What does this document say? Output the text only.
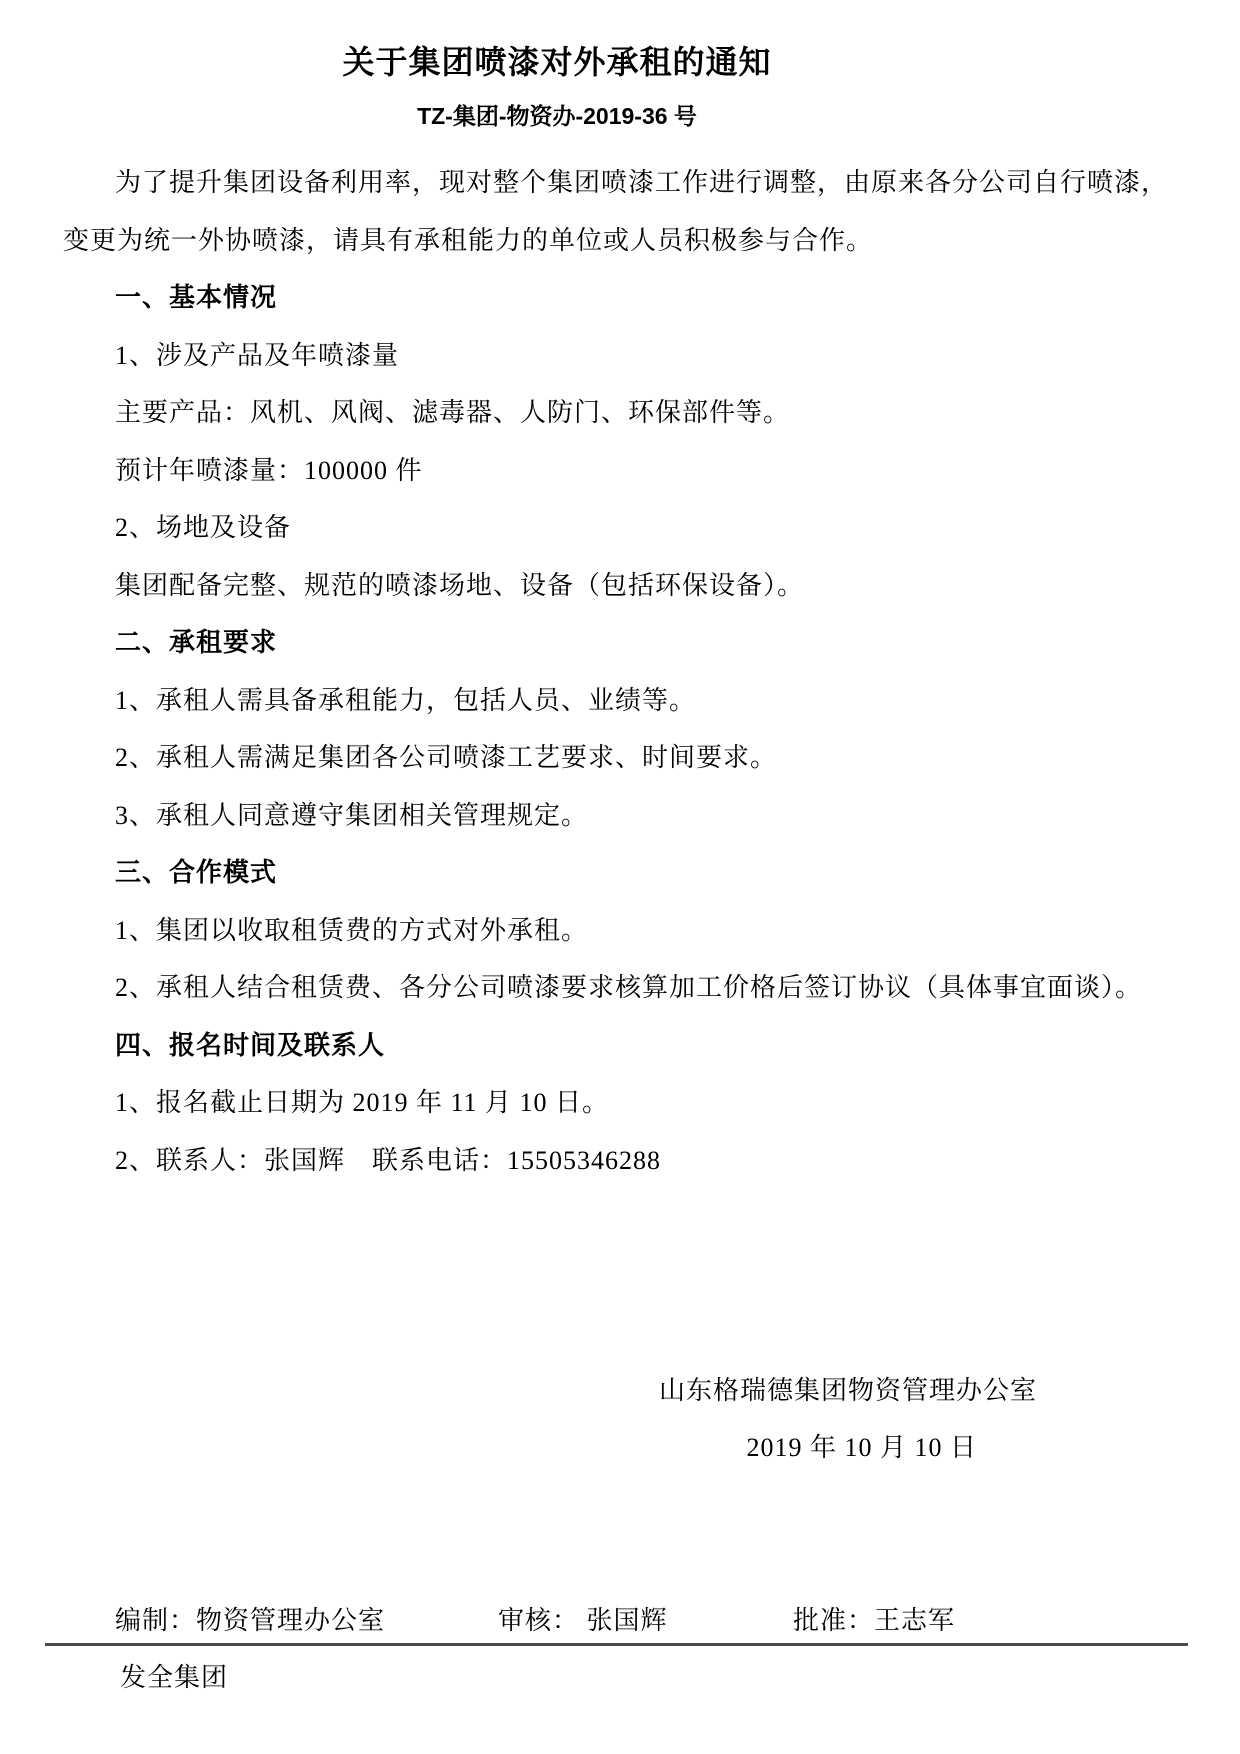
关于集团喷漆对外承租的通知
TZ-集团-物资办-2019-36 号

为了提升集团设备利用率，现对整个集团喷漆工作进行调整，由原来各分公司自行喷漆，变更为统一外协喷漆，请具有承租能力的单位或人员积极参与合作。

一、基本情况
1、涉及产品及年喷漆量
主要产品：风机、风阀、滤毒器、人防门、环保部件等。
预计年喷漆量：100000 件
2、场地及设备
集团配备完整、规范的喷漆场地、设备（包括环保设备）。
二、承租要求
1、承租人需具备承租能力，包括人员、业绩等。
2、承租人需满足集团各公司喷漆工艺要求、时间要求。
3、承租人同意遵守集团相关管理规定。
三、合作模式
1、集团以收取租赁费的方式对外承租。
2、承租人结合租赁费、各分公司喷漆要求核算加工价格后签订协议（具体事宜面谈）。
四、报名时间及联系人
1、报名截止日期为 2019 年 11 月 10 日。
2、联系人：张国辉　联系电话：15505346288
山东格瑞德集团物资管理办公室
2019 年 10 月 10 日

编制：物资管理办公室

	审核： 张国辉

	批准：王志军

发全集团
